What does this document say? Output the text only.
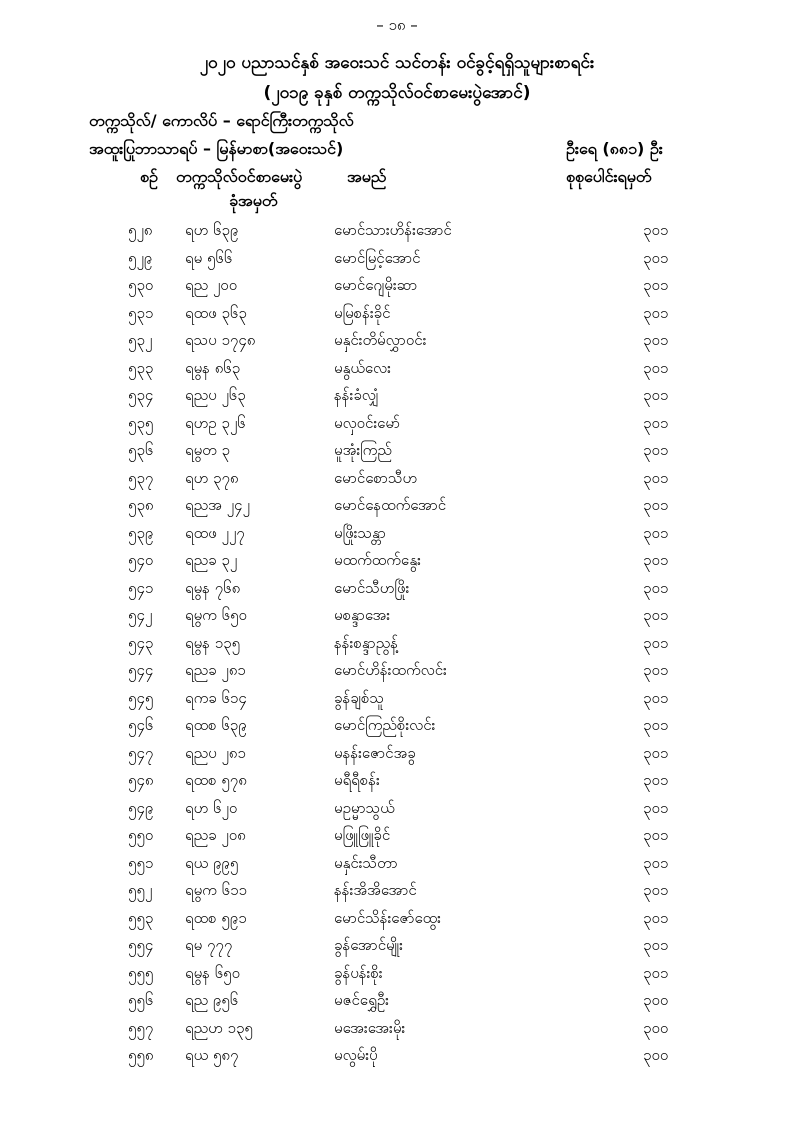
– ၁၈ –
၂၀၂၀ ပညာသင်နှစ် အဝေးသင် သင်တန်း ဝင်ခွင့်ရရှိသူများစာရင်း
(၂၀၁၉ ခုနှစ် တက္ကသိုလ်ဝင်စာမေးပွဲအောင်)
တက္ကသိုလ်/ ကောလိပ် – ရောင်ကြီးတက္ကသိုလ်
အထူးပြုဘာသာရပ် – မြန်မာစာ(အဝေးသင်)	ဦးရေ (၈၈၁) ဦး
စဉ် တက္ကသိုလ်ဝင်စာမေးပွဲ
ခုံအမှတ်
အမည်	စုစုပေါင်းရမှတ်
၅၂၈ ရဟ ၆၃၉	မောင်သားဟိန်းအောင်	၃၀၁
၅၂၉ ရမ ၅၆၆	မောင်မြင့်အောင်	၃၀၁
၅၃၀ ရည ၂၀၀	မောင်ဂျေမိုးဆာ	၃၀၁
၅၃၁ ရထဖ ၃၆၃	မမြစန်းခိုင်	၃၀၁
၅၃၂ ရသပ ၁၇၄၈	မနှင်းတိမ်လွှာဝင်း	၃၀၁
၅၃၃ ရမွန ၈၆၃	မနွယ်လေး	၃၀၁
၅၃၄ ရညပ ၂၆၃	နန်းခံလျှံ	၃၀၁
၅၃၅ ရဟဥ ၃၂၆	မလှဝင်းမော်	၃၀၁
၅၃၆ ရမွတ ၃	မူအုံးကြည်	၃၀၁
၅၃၇ ရဟ ၃၇၈	မောင်စောသီဟ	၃၀၁
၅၃၈ ရညအ ၂၄၂	မောင်နေထက်အောင်	၃၀၁
၅၃၉ ရထဖ ၂၂၇	မဖြိုးသန္တာ	၃၀၁
၅၄၀ ရညခ ၃၂	မထက်ထက်နွေး	၃၀၁
၅၄၁ ရမွန ၇၆၈	မောင်သီဟဖြိုး	၃၀၁
၅၄၂ ရမွက ၆၅၀	မစန္ဒာအေး	၃၀၁
၅၄၃ ရမွန ၁၃၅	နန်းစန္ဒာညွန့်	၃၀၁
၅၄၄ ရညခ ၂၈၁	မောင်ဟိန်းထက်လင်း	၃၀၁
၅၄၅ ရကခ ၆၁၄	ခွန်ချစ်သူ	၃၀၁
၅၄၆ ရထစ ၆၃၉	မောင်ကြည်စိုးလင်း	၃၀၁
၅၄၇ ရညပ ၂၈၁	မနန်းဇောင်အခွ	၃၀၁
၅၄၈ ရထစ ၅၇၈	မရီရီစန်း	၃၀၁
၅၄၉ ရဟ ၆၂၀	မဥမ္မာသွယ်	၃၀၁
၅၅၀ ရညခ ၂၀၈	မဖြူဖြူခိုင်	၃၀၁
၅၅၁ ရယ ၉၉၅	မနှင်းသီတာ	၃၀၁
၅၅၂ ရမွက ၆၁၁	နန်းအိအိအောင်	၃၀၁
၅၅၃ ရထစ ၅၉၁	မောင်သိန်းဇော်ထွေး	၃၀၁
၅၅၄ ရမ ၇၇၇	ခွန်အောင်မျိုး	၃၀၁
၅၅၅ ရမွန ၆၅၀	ခွန်ပန်းစိုး	၃၀၁
၅၅၆ ရည ၉၅၆	မဇင်ရွှေဦး	၃၀၀
၅၅၇ ရညဟ ၁၃၅	မအေးအေးမိုး	၃၀၀
၅၅၈ ရယ ၅၈၇	မလွမ်းပို	၃၀၀
